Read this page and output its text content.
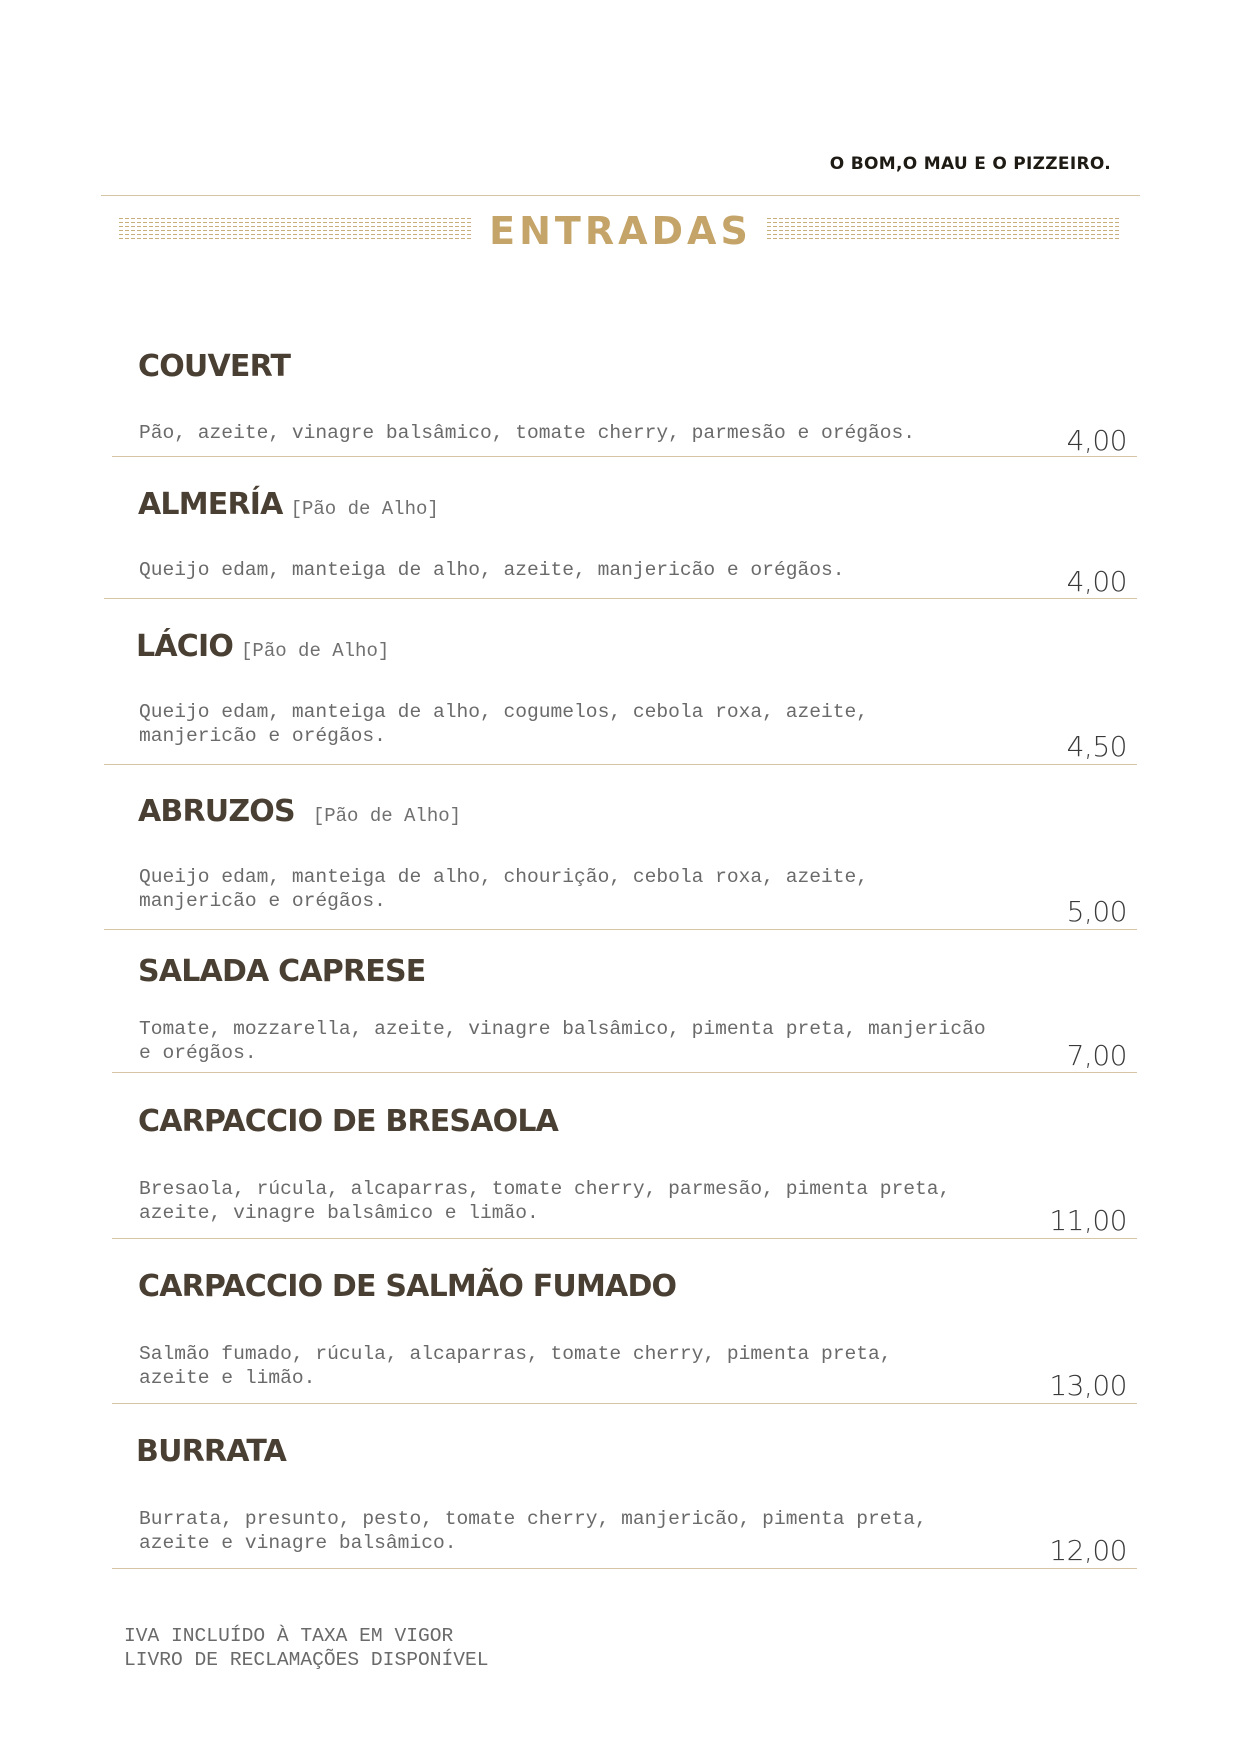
O BOM,O MAU E O PIZZEIRO.
ENTRADAS
COUVERT
Pão, azeite, vinagre balsâmico, tomate cherry, parmesão e orégãos.	4,00
ALMERÍA [Pão de Alho]
Queijo edam, manteiga de alho, azeite, manjericão e orégãos.	4,00
LÁCIO [Pão de Alho]
Queijo edam, manteiga de alho, cogumelos, cebola roxa, azeite,
manjericão e orégãos.	4,50
ABRUZOS [Pão de Alho]
Queijo edam, manteiga de alho, chourição, cebola roxa, azeite,
manjericão e orégãos.	5,00
SALADA CAPRESE
Tomate, mozzarella, azeite, vinagre balsâmico, pimenta preta, manjericão
e orégãos.	7,00
CARPACCIO DE BRESAOLA
Bresaola, rúcula, alcaparras, tomate cherry, parmesão, pimenta preta,
azeite, vinagre balsâmico e limão.	11,00
CARPACCIO DE SALMÃO FUMADO
Salmão fumado, rúcula, alcaparras, tomate cherry, pimenta preta,
azeite e limão.	13,00
BURRATA
Burrata, presunto, pesto, tomate cherry, manjericão, pimenta preta,
azeite e vinagre balsâmico.	12,00
IVA INCLUÍDO À TAXA EM VIGOR
LIVRO DE RECLAMAÇÕES DISPONÍVEL
